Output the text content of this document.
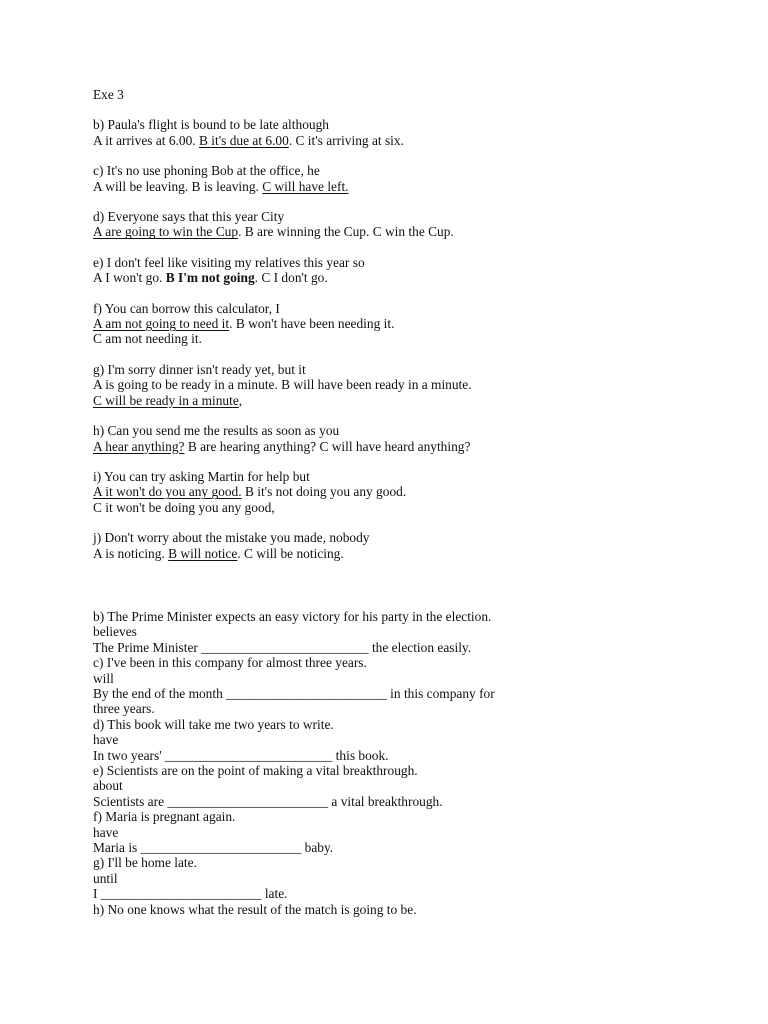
Exe 3
b) Paula's flight is bound to be late although
A it arrives at 6.00. B it's due at 6.00. C it's arriving at six.
c) It's no use phoning Bob at the office, he
A will be leaving. B is leaving. C will have left.
d) Everyone says that this year City
A are going to win the Cup. B are winning the Cup. C win the Cup.
e) I don't feel like visiting my relatives this year so
A I won't go. B I'm not going. C I don't go.
f) You can borrow this calculator, I
A am not going to need it. B won't have been needing it.
C am not needing it.
g) I'm sorry dinner isn't ready yet, but it
A is going to be ready in a minute. B will have been ready in a minute.
C will be ready in a minute,
h) Can you send me the results as soon as you
A hear anything? B are hearing anything? C will have heard anything?
i) You can try asking Martin for help but
A it won't do you any good. B it's not doing you any good.
C it won't be doing you any good,
j) Don't worry about the mistake you made, nobody
A is noticing. B will notice. C will be noticing.
b) The Prime Minister expects an easy victory for his party in the election.
believes
The Prime Minister _________________________ the election easily.
c) I've been in this company for almost three years.
will
By the end of the month ________________________ in this company for
three years.
d) This book will take me two years to write.
have
In two years' _________________________ this book.
e) Scientists are on the point of making a vital breakthrough.
about
Scientists are ________________________ a vital breakthrough.
f) Maria is pregnant again.
have
Maria is ________________________ baby.
g) I'll be home late.
until
I ________________________ late.
h) No one knows what the result of the match is going to be.
